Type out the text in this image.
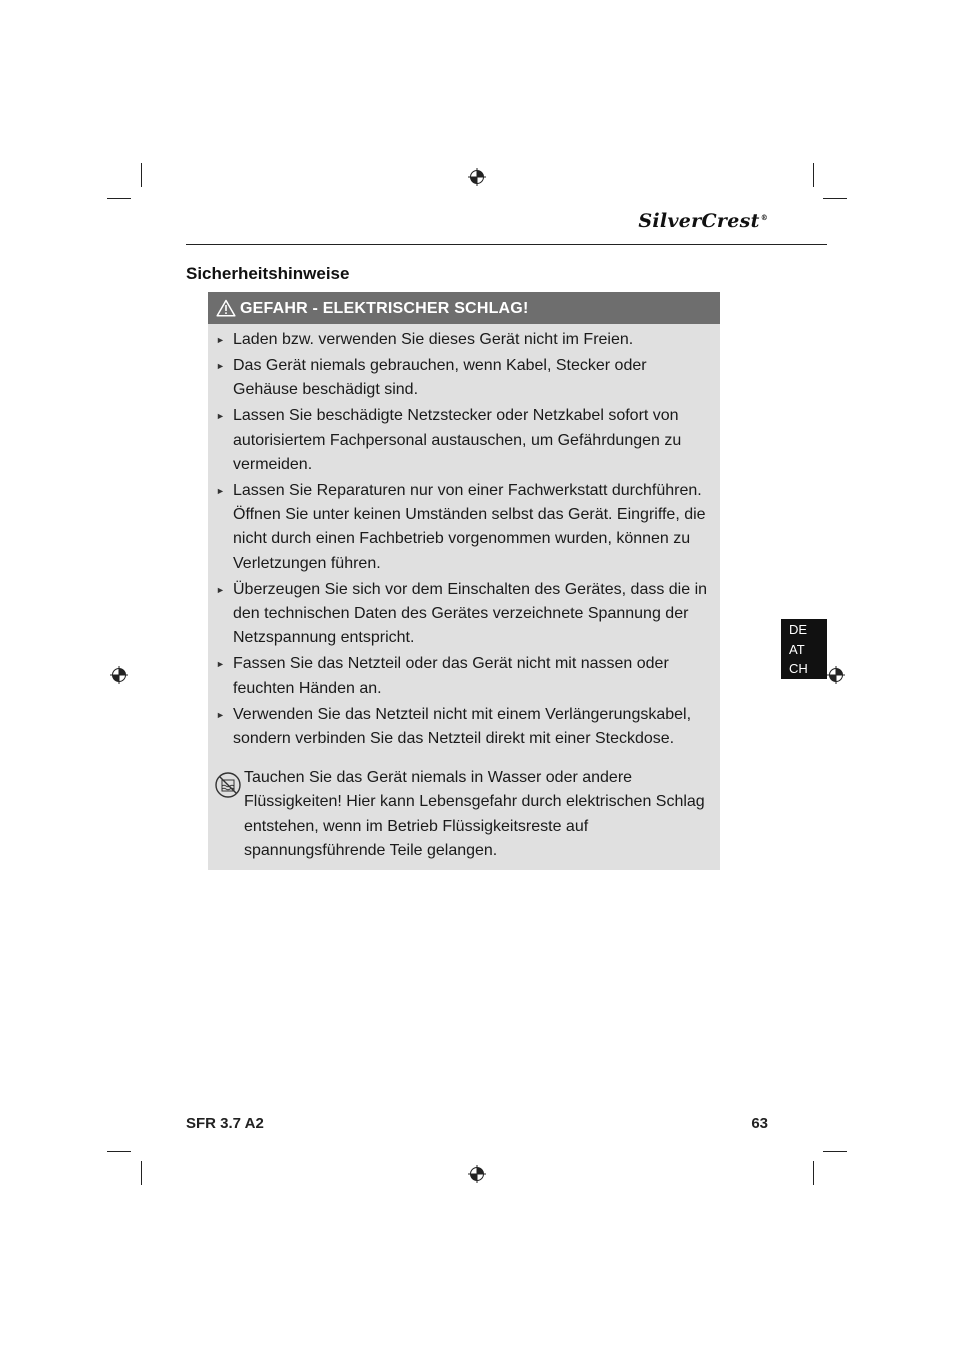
SilverCrest®
Sicherheitshinweise
GEFAHR - ELEKTRISCHER SCHLAG!
► Laden bzw. verwenden Sie dieses Gerät nicht im Freien.
► Das Gerät niemals gebrauchen, wenn Kabel, Stecker oder Gehäuse beschädigt sind.
► Lassen Sie beschädigte Netzstecker oder Netzkabel sofort von autorisiertem Fachpersonal austauschen, um Gefährdungen zu vermeiden.
► Lassen Sie Reparaturen nur von einer Fachwerkstatt durchführen. Öffnen Sie unter keinen Umständen selbst das Gerät. Eingriffe, die nicht durch einen Fachbetrieb vorgenommen wurden, können zu Verletzungen führen.
► Überzeugen Sie sich vor dem Einschalten des Gerätes, dass die in den technischen Daten des Gerätes verzeichnete Spannung der Netzspannung entspricht.
► Fassen Sie das Netzteil oder das Gerät nicht mit nassen oder feuchten Händen an.
► Verwenden Sie das Netzteil nicht mit einem Verlängerungskabel, sondern verbinden Sie das Netzteil direkt mit einer Steckdose.
Tauchen Sie das Gerät niemals in Wasser oder andere Flüssigkeiten! Hier kann Lebensgefahr durch elektrischen Schlag entstehen, wenn im Betrieb Flüssigkeitsreste auf spannungsführende Teile gelangen.
DE
AT
CH
SFR 3.7 A2	63
